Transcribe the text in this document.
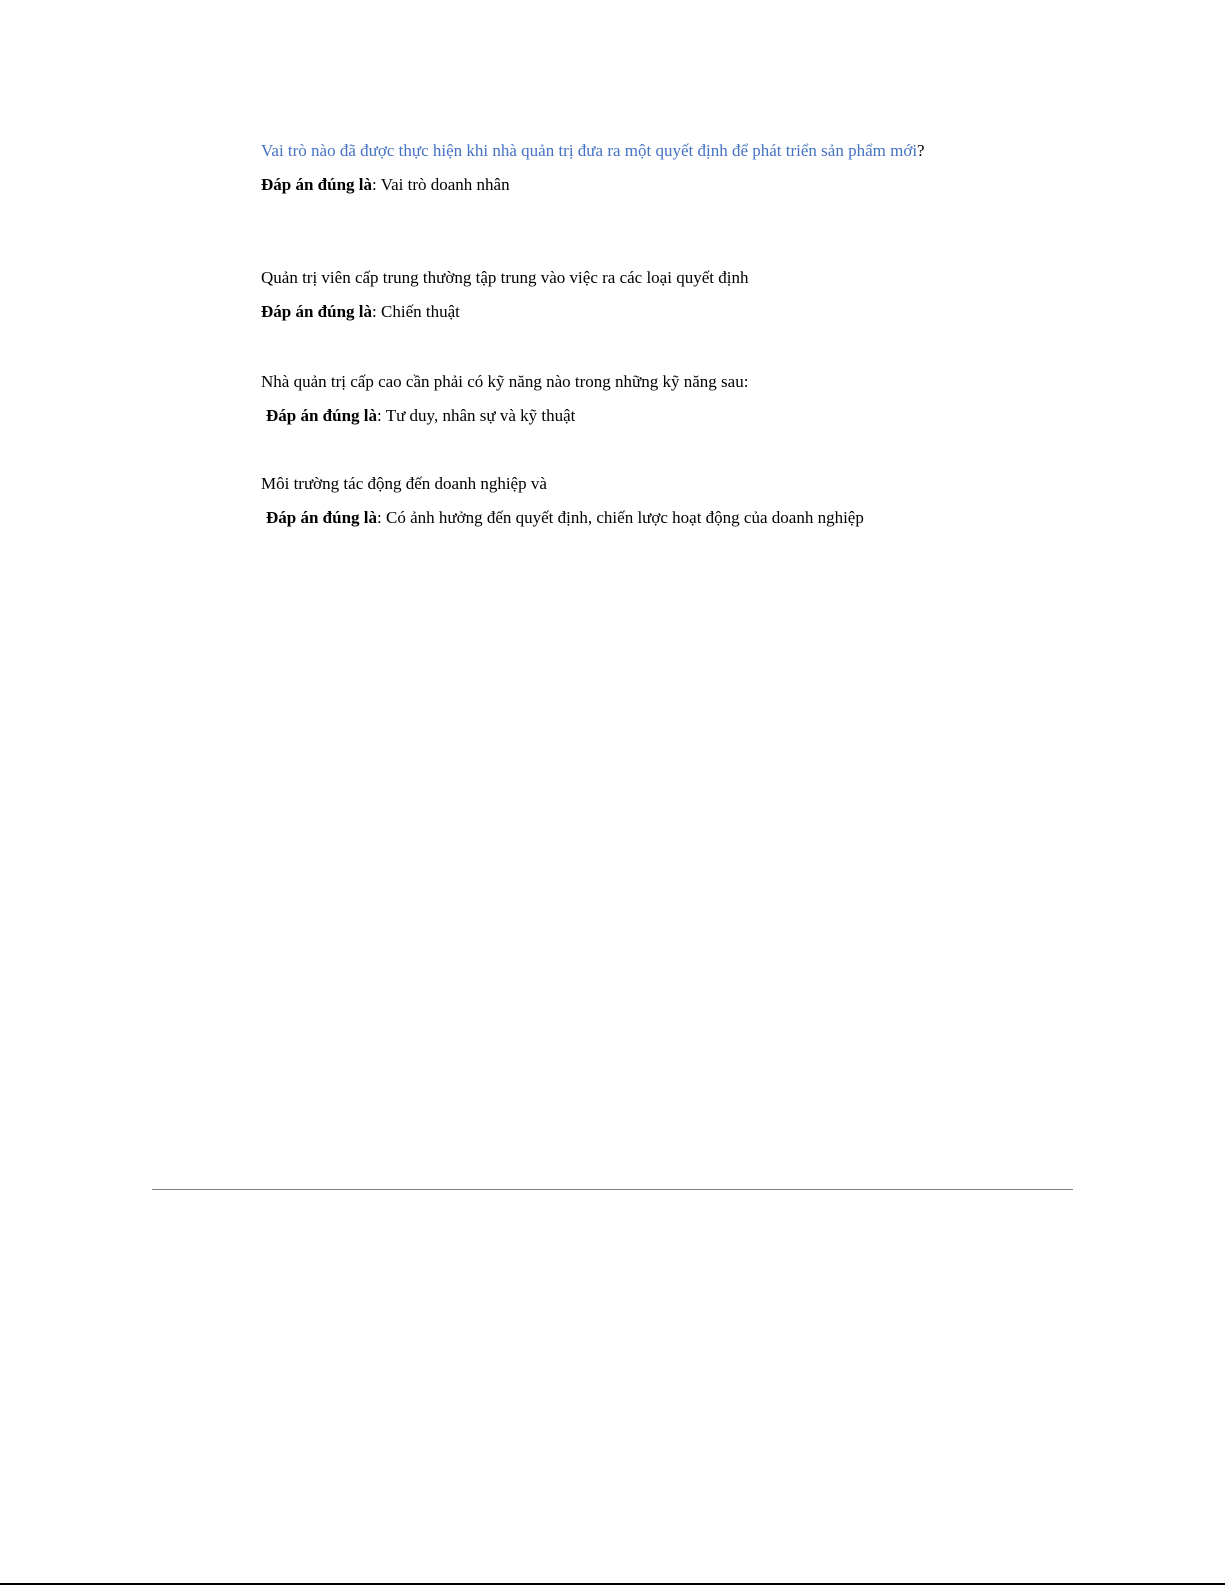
Vai trò nào đã được thực hiện khi nhà quản trị đưa ra một quyết định để phát triển sản phẩm mới?

Đáp án đúng là: Vai trò doanh nhân

Quản trị viên cấp trung thường tập trung vào việc ra các loại quyết định

Đáp án đúng là: Chiến thuật

Nhà quản trị cấp cao cần phải có kỹ năng nào trong những kỹ năng sau:

Đáp án đúng là: Tư duy, nhân sự và kỹ thuật

Môi trường tác động đến doanh nghiệp và

Đáp án đúng là: Có ảnh hưởng đến quyết định, chiến lược hoạt động của doanh nghiệp
